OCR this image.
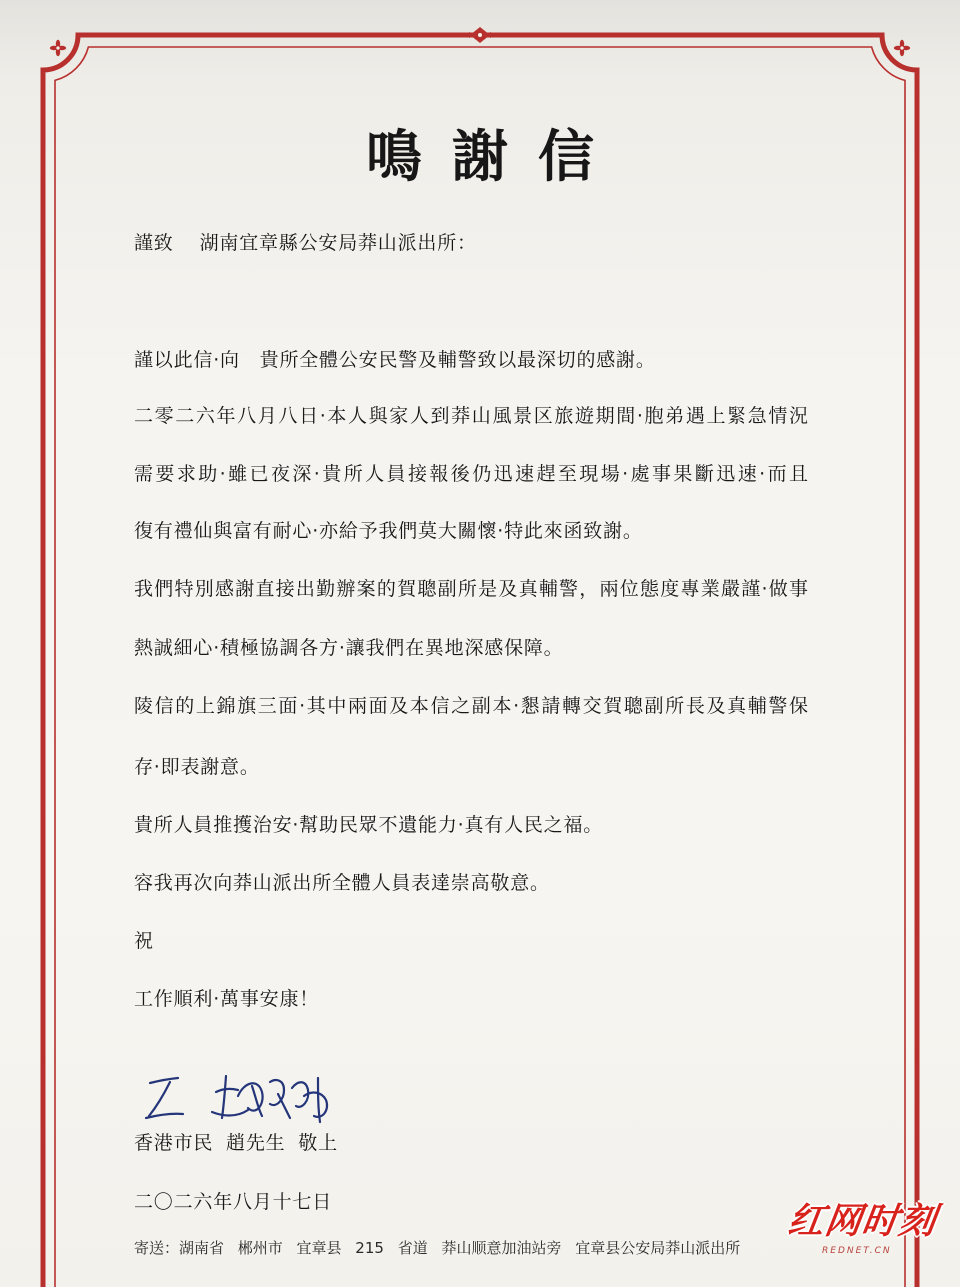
鳴謝信
謹致 湖南宜章縣公安局莽山派出所：
謹以此信·向　貴所全體公安民警及輔警致以最深切的感謝。
二零二六年八月八日·本人與家人到莽山風景区旅遊期間·胞弟遇上緊急情況
需要求助·雖已夜深·貴所人員接報後仍迅速趕至現場·處事果斷迅速·而且
復有禮仙與富有耐心·亦給予我們莫大關懷·特此來函致謝。
我們特別感謝直接出勤辦案的賀聰副所是及真輔警，兩位態度專業嚴謹·做事
熱誠細心·積極協調各方·讓我們在異地深感保障。
陵信的上錦旗三面·其中兩面及本信之副本·懇請轉交賀聰副所長及真輔警保
存·即表謝意。
貴所人員推擭治安·幫助民眾不遺能力·真有人民之福。
容我再次向莽山派出所全體人員表達崇高敬意。
祝
工作順利·萬事安康！
香港市民 趙先生 敬上
二〇二六年八月十七日
寄送：湖南省 郴州市 宜章县 215 省道 莽山顺意加油站旁 宜章县公安局莽山派出所
红网时刻
REDNET.CN
